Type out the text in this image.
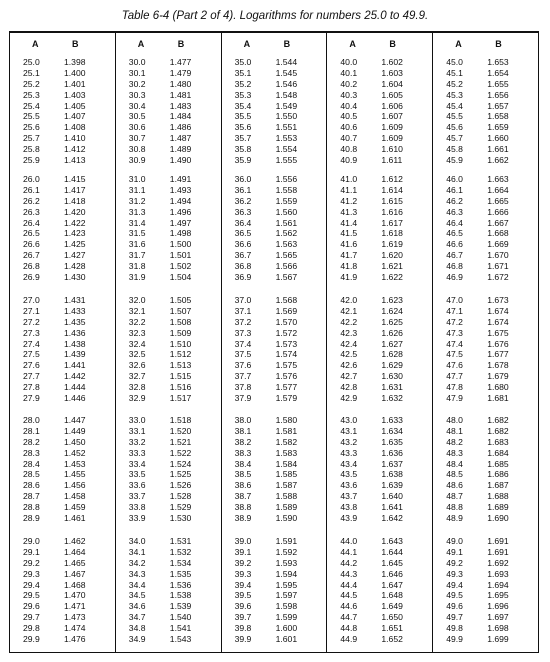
Table 6-4 (Part 2 of 4). Logarithms for numbers 25.0 to 49.9.
A	B
25.0	1.398
25.1	1.400
25.2	1.401
25.3	1.403
25.4	1.405
25.5	1.407
25.6	1.408
25.7	1.410
25.8	1.412
25.9	1.413
26.0	1.415
26.1	1.417
26.2	1.418
26.3	1.420
26.4	1.422
26.5	1.423
26.6	1.425
26.7	1.427
26.8	1.428
26.9	1.430
27.0	1.431
27.1	1.433
27.2	1.435
27.3	1.436
27.4	1.438
27.5	1.439
27.6	1.441
27.7	1.442
27.8	1.444
27.9	1.446
28.0	1.447
28.1	1.449
28.2	1.450
28.3	1.452
28.4	1.453
28.5	1.455
28.6	1.456
28.7	1.458
28.8	1.459
28.9	1.461
29.0	1.462
29.1	1.464
29.2	1.465
29.3	1.467
29.4	1.468
29.5	1.470
29.6	1.471
29.7	1.473
29.8	1.474
29.9	1.476
A	B
30.0	1.477
30.1	1.479
30.2	1.480
30.3	1.481
30.4	1.483
30.5	1.484
30.6	1.486
30.7	1.487
30.8	1.489
30.9	1.490
31.0	1.491
31.1	1.493
31.2	1.494
31.3	1.496
31.4	1.497
31.5	1.498
31.6	1.500
31.7	1.501
31.8	1.502
31.9	1.504
32.0	1.505
32.1	1.507
32.2	1.508
32.3	1.509
32.4	1.510
32.5	1.512
32.6	1.513
32.7	1.515
32.8	1.516
32.9	1.517
33.0	1.518
33.1	1.520
33.2	1.521
33.3	1.522
33.4	1.524
33.5	1.525
33.6	1.526
33.7	1.528
33.8	1.529
33.9	1.530
34.0	1.531
34.1	1.532
34.2	1.534
34.3	1.535
34.4	1.536
34.5	1.538
34.6	1.539
34.7	1.540
34.8	1.541
34.9	1.543
A	B
35.0	1.544
35.1	1.545
35.2	1.546
35.3	1.548
35.4	1.549
35.5	1.550
35.6	1.551
35.7	1.553
35.8	1.554
35.9	1.555
36.0	1.556
36.1	1.558
36.2	1.559
36.3	1.560
36.4	1.561
36.5	1.562
36.6	1.563
36.7	1.565
36.8	1.566
36.9	1.567
37.0	1.568
37.1	1.569
37.2	1.570
37.3	1.572
37.4	1.573
37.5	1.574
37.6	1.575
37.7	1.576
37.8	1.577
37.9	1.579
38.0	1.580
38.1	1.581
38.2	1.582
38.3	1.583
38.4	1.584
38.5	1.585
38.6	1.587
38.7	1.588
38.8	1.589
38.9	1.590
39.0	1.591
39.1	1.592
39.2	1.593
39.3	1.594
39.4	1.595
39.5	1.597
39.6	1.598
39.7	1.599
39.8	1.600
39.9	1.601
A	B
40.0	1.602
40.1	1.603
40.2	1.604
40.3	1.605
40.4	1.606
40.5	1.607
40.6	1.609
40.7	1.609
40.8	1.610
40.9	1.611
41.0	1.612
41.1	1.614
41.2	1.615
41.3	1.616
41.4	1.617
41.5	1.618
41.6	1.619
41.7	1.620
41.8	1.621
41.9	1.622
42.0	1.623
42.1	1.624
42.2	1.625
42.3	1.626
42.4	1.627
42.5	1.628
42.6	1.629
42.7	1.630
42.8	1.631
42.9	1.632
43.0	1.633
43.1	1.634
43.2	1.635
43.3	1.636
43.4	1.637
43.5	1.638
43.6	1.639
43.7	1.640
43.8	1.641
43.9	1.642
44.0	1.643
44.1	1.644
44.2	1.645
44.3	1.646
44.4	1.647
44.5	1.648
44.6	1.649
44.7	1.650
44.8	1.651
44.9	1.652
A	B
45.0	1.653
45.1	1.654
45.2	1.655
45.3	1.656
45.4	1.657
45.5	1.658
45.6	1.659
45.7	1.660
45.8	1.661
45.9	1.662
46.0	1.663
46.1	1.664
46.2	1.665
46.3	1.666
46.4	1.667
46.5	1.668
46.6	1.669
46.7	1.670
46.8	1.671
46.9	1.672
47.0	1.673
47.1	1.674
47.2	1.674
47.3	1.675
47.4	1.676
47.5	1.677
47.6	1.678
47.7	1.679
47.8	1.680
47.9	1.681
48.0	1.682
48.1	1.682
48.2	1.683
48.3	1.684
48.4	1.685
48.5	1.686
48.6	1.687
48.7	1.688
48.8	1.689
48.9	1.690
49.0	1.691
49.1	1.691
49.2	1.692
49.3	1.693
49.4	1.694
49.5	1.695
49.6	1.696
49.7	1.697
49.8	1.698
49.9	1.699
